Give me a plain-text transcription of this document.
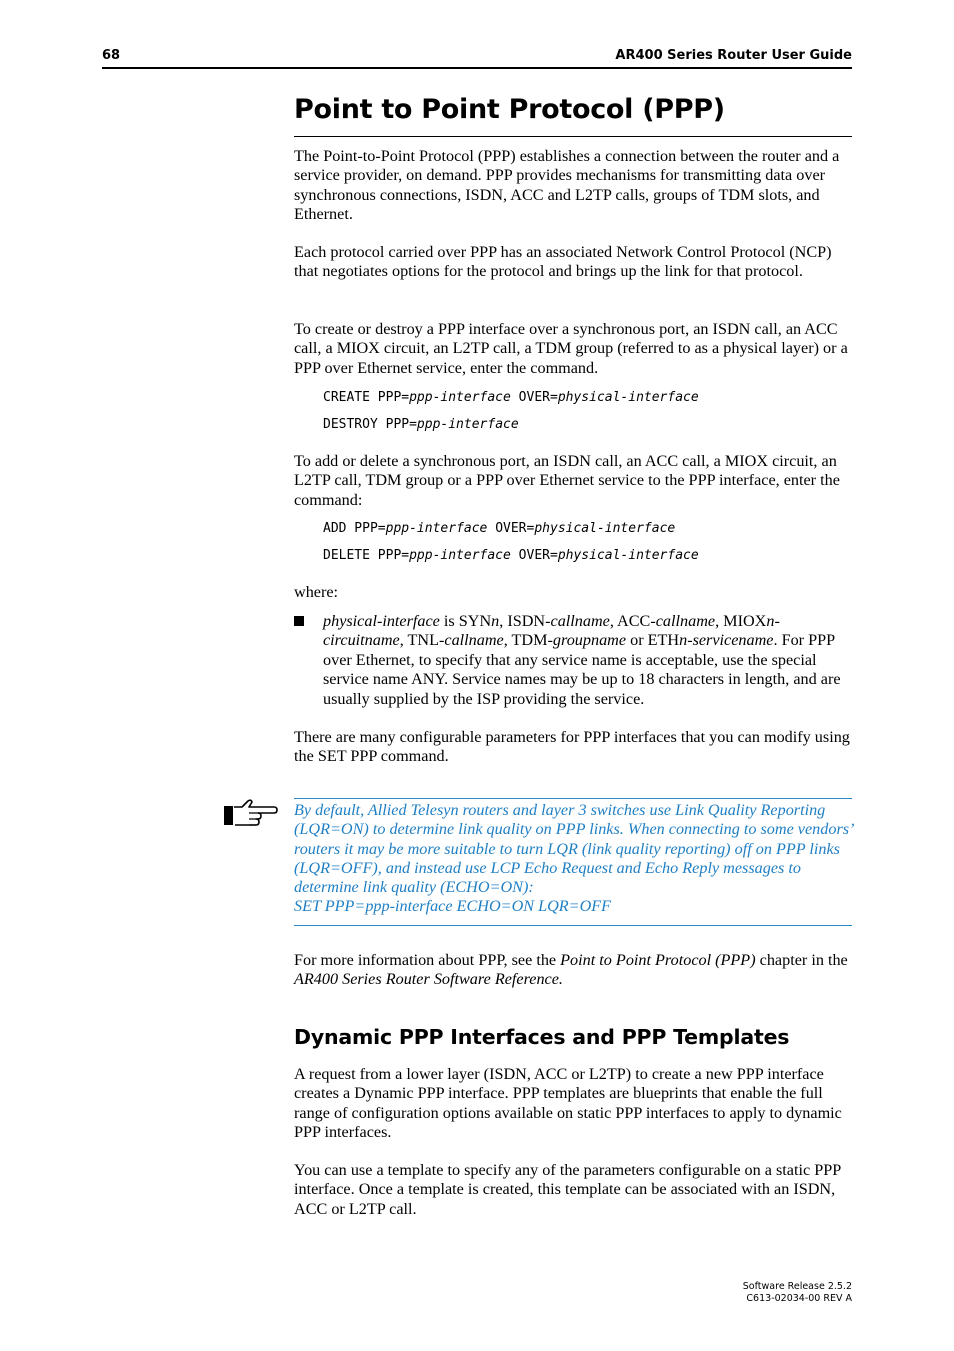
68	AR400 Series Router User Guide
Point to Point Protocol (PPP)
The Point-to-Point Protocol (PPP) establishes a connection between the router and a service provider, on demand. PPP provides mechanisms for transmitting data over synchronous connections, ISDN, ACC and L2TP calls, groups of TDM slots, and Ethernet.
Each protocol carried over PPP has an associated Network Control Protocol (NCP) that negotiates options for the protocol and brings up the link for that protocol.
To create or destroy a PPP interface over a synchronous port, an ISDN call, an ACC call, a MIOX circuit, an L2TP call, a TDM group (referred to as a physical layer) or a PPP over Ethernet service, enter the command.
CREATE PPP=ppp-interface OVER=physical-interface
DESTROY PPP=ppp-interface
To add or delete a synchronous port, an ISDN call, an ACC call, a MIOX circuit, an L2TP call, TDM group or a PPP over Ethernet service to the PPP interface, enter the command:
ADD PPP=ppp-interface OVER=physical-interface
DELETE PPP=ppp-interface OVER=physical-interface
where:
physical-interface is SYNn, ISDN-callname, ACC-callname, MIOXn-circuitname, TNL-callname, TDM-groupname or ETHn-servicename. For PPP over Ethernet, to specify that any service name is acceptable, use the special service name ANY. Service names may be up to 18 characters in length, and are usually supplied by the ISP providing the service.
There are many configurable parameters for PPP interfaces that you can modify using the SET PPP command.
By default, Allied Telesyn routers and layer 3 switches use Link Quality Reporting (LQR=ON) to determine link quality on PPP links. When connecting to some vendors’ routers it may be more suitable to turn LQR (link quality reporting) off on PPP links (LQR=OFF), and instead use LCP Echo Request and Echo Reply messages to determine link quality (ECHO=ON):
SET PPP=ppp-interface ECHO=ON LQR=OFF
For more information about PPP, see the Point to Point Protocol (PPP) chapter in the AR400 Series Router Software Reference.
Dynamic PPP Interfaces and PPP Templates
A request from a lower layer (ISDN, ACC or L2TP) to create a new PPP interface creates a Dynamic PPP interface. PPP templates are blueprints that enable the full range of configuration options available on static PPP interfaces to apply to dynamic PPP interfaces.
You can use a template to specify any of the parameters configurable on a static PPP interface. Once a template is created, this template can be associated with an ISDN, ACC or L2TP call.
Software Release 2.5.2
C613-02034-00 REV A
